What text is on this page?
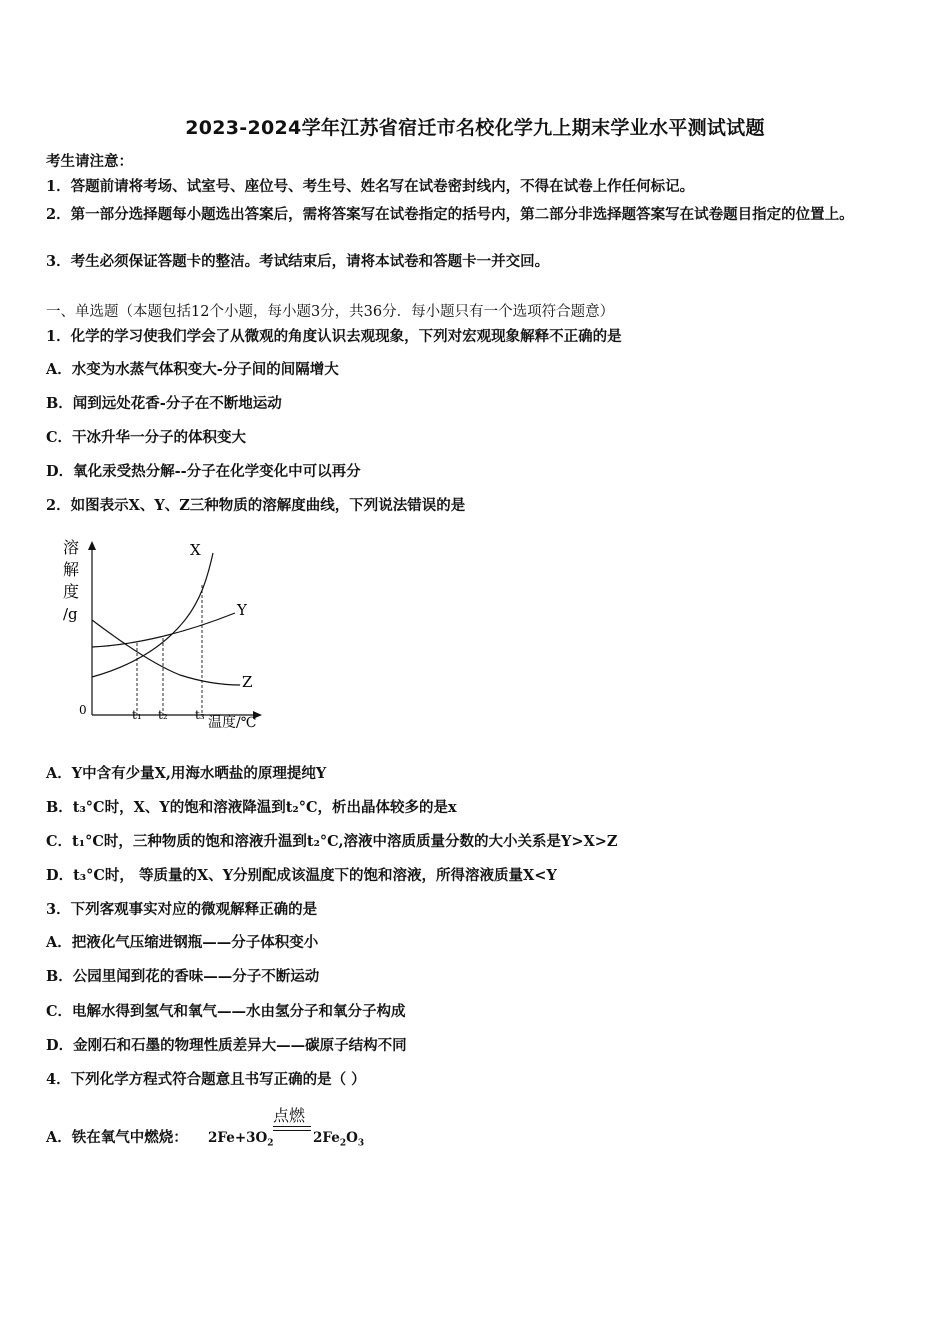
2023-2024学年江苏省宿迁市名校化学九上期末学业水平测试试题
考生请注意：
1．答题前请将考场、试室号、座位号、考生号、姓名写在试卷密封线内，不得在试卷上作任何标记。
2．第一部分选择题每小题选出答案后，需将答案写在试卷指定的括号内，第二部分非选择题答案写在试卷题目指定的位置上。
3．考生必须保证答题卡的整洁。考试结束后，请将本试卷和答题卡一并交回。
一、单选题（本题包括12个小题，每小题3分，共36分．每小题只有一个选项符合题意）
1．化学的学习使我们学会了从微观的角度认识去观现象，下列对宏观现象解释不正确的是
A．水变为水蒸气体积变大-分子间的间隔增大
B．闻到远处花香-分子在不断地运动
C．干冰升华一分子的体积变大
D．氧化汞受热分解--分子在化学变化中可以再分
2．如图表示X、Y、Z三种物质的溶解度曲线，下列说法错误的是
溶
解
度
/g
X
Y
Z
0	t₁ t₂ t₃ 温度/℃
A．Y中含有少量X,用海水晒盐的原理提纯Y
B．t₃°C时，X、Y的饱和溶液降温到t₂°C，析出晶体较多的是x
C．t₁°C时，三种物质的饱和溶液升温到t₂°C,溶液中溶质质量分数的大小关系是Y>X>Z
D．t₃°C时， 等质量的X、Y分别配成该温度下的饱和溶液，所得溶液质量X<Y
3．下列客观事实对应的微观解释正确的是
A．把液化气压缩进钢瓶——分子体积变小
B．公园里闻到花的香味——分子不断运动
C．电解水得到氢气和氧气——水由氢分子和氧分子构成
D．金刚石和石墨的物理性质差异大——碳原子结构不同
4．下列化学方程式符合题意且书写正确的是（ ）
A．铁在氧气中燃烧： $2Fe+3O_2$
点燃
$2Fe_2O_3$
